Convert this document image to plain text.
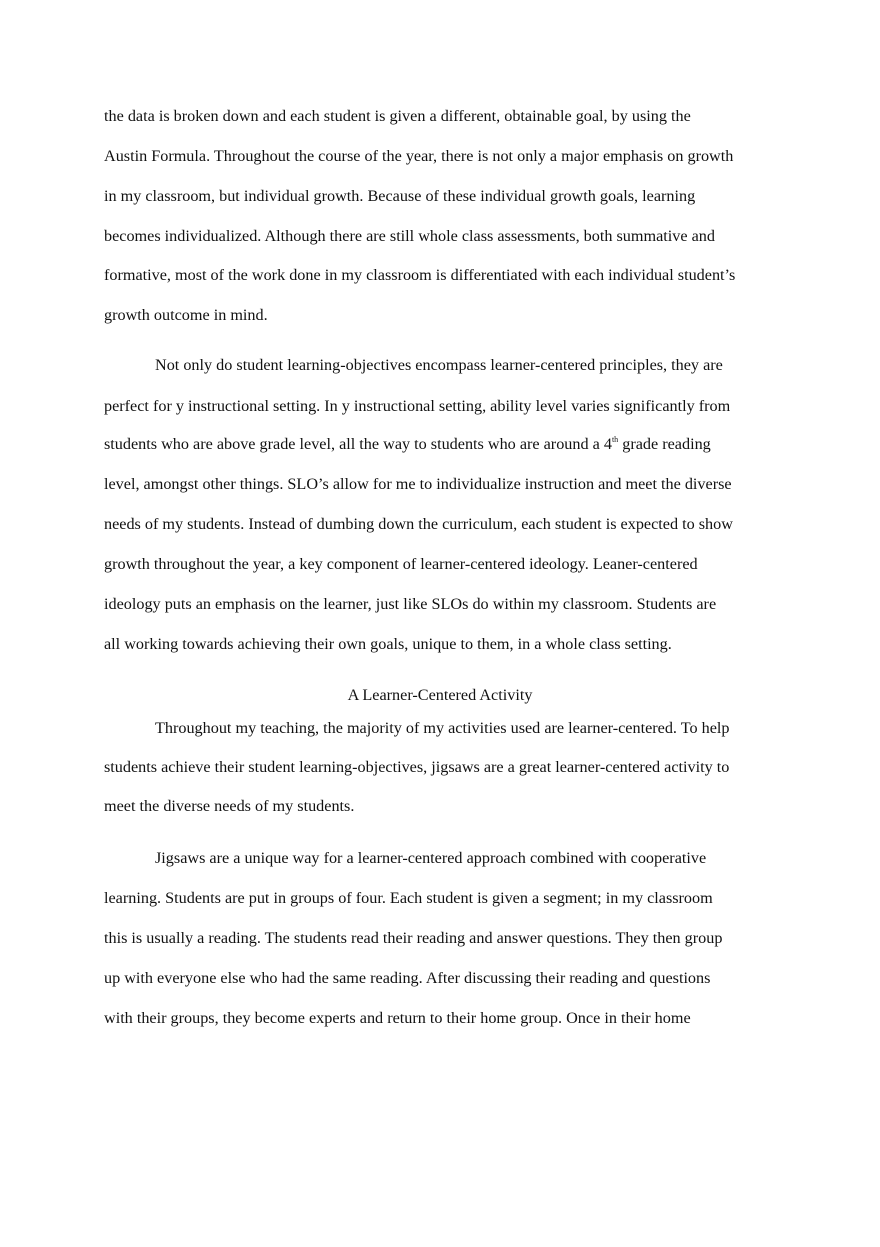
the data is broken down and each student is given a different, obtainable goal, by using the
Austin Formula. Throughout the course of the year, there is not only a major emphasis on growth
in my classroom, but individual growth. Because of these individual growth goals, learning
becomes individualized. Although there are still whole class assessments, both summative and
formative, most of the work done in my classroom is differentiated with each individual student’s
growth outcome in mind.
Not only do student learning-objectives encompass learner-centered principles, they are
perfect for y instructional setting. In y instructional setting, ability level varies significantly from
students who are above grade level, all the way to students who are around a 4th grade reading
level, amongst other things. SLO’s allow for me to individualize instruction and meet the diverse
needs of my students. Instead of dumbing down the curriculum, each student is expected to show
growth throughout the year, a key component of learner-centered ideology. Leaner-centered
ideology puts an emphasis on the learner, just like SLOs do within my classroom. Students are
all working towards achieving their own goals, unique to them, in a whole class setting.
A Learner-Centered Activity
Throughout my teaching, the majority of my activities used are learner-centered. To help
students achieve their student learning-objectives, jigsaws are a great learner-centered activity to
meet the diverse needs of my students.
Jigsaws are a unique way for a learner-centered approach combined with cooperative
learning. Students are put in groups of four. Each student is given a segment; in my classroom
this is usually a reading. The students read their reading and answer questions. They then group
up with everyone else who had the same reading. After discussing their reading and questions
with their groups, they become experts and return to their home group. Once in their home
